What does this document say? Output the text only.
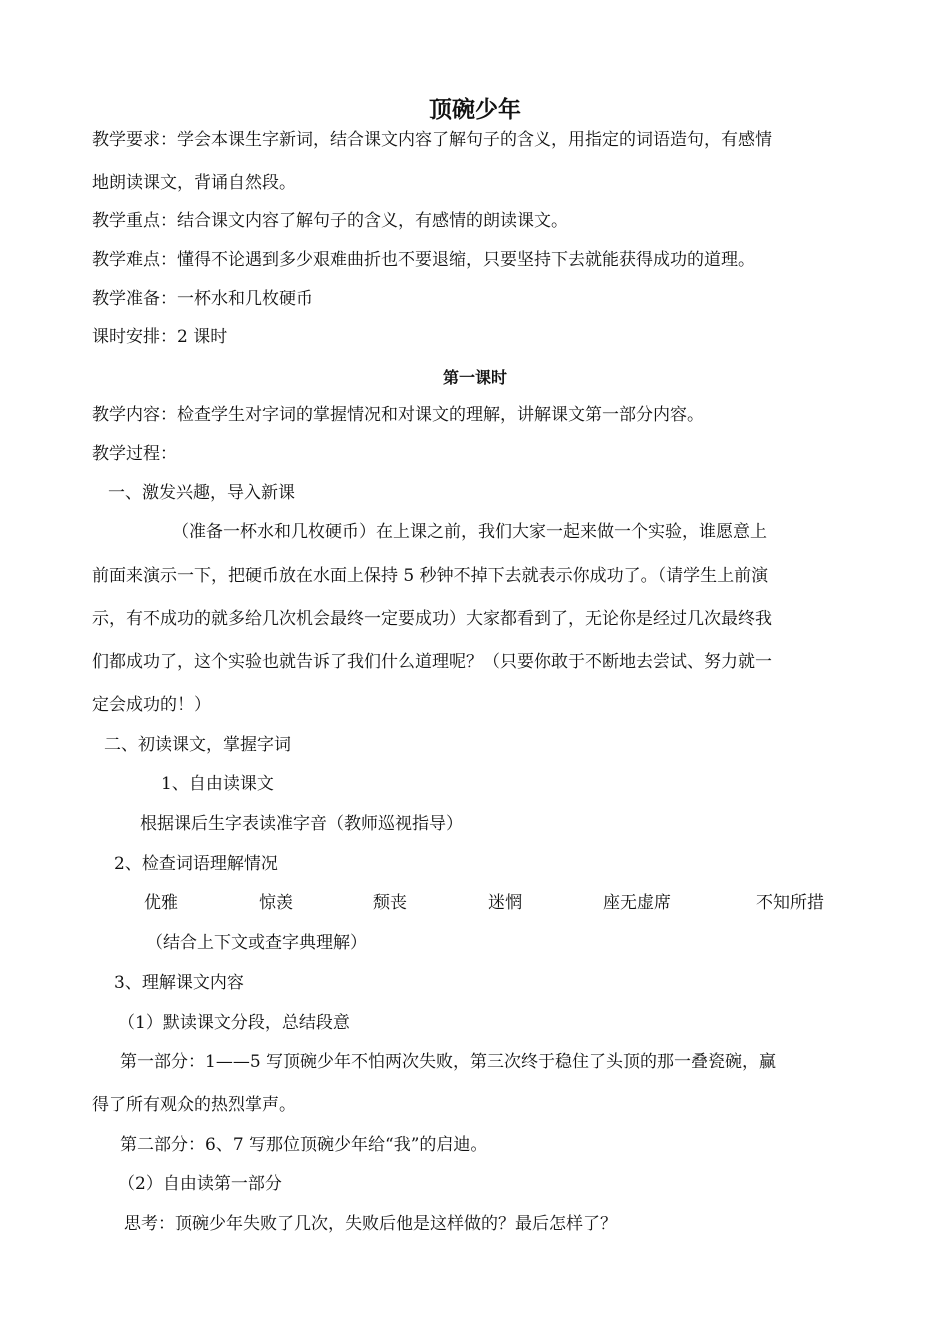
顶碗少年
教学要求：学会本课生字新词，结合课文内容了解句子的含义，用指定的词语造句，有感情
地朗读课文，背诵自然段。
教学重点：结合课文内容了解句子的含义，有感情的朗读课文。
教学难点：懂得不论遇到多少艰难曲折也不要退缩，只要坚持下去就能获得成功的道理。
教学准备：一杯水和几枚硬币
课时安排：2 课时
第一课时
教学内容：检查学生对字词的掌握情况和对课文的理解，讲解课文第一部分内容。
教学过程：
一、激发兴趣，导入新课
（准备一杯水和几枚硬币）在上课之前，我们大家一起来做一个实验，谁愿意上
前面来演示一下，把硬币放在水面上保持 5 秒钟不掉下去就表示你成功了。（请学生上前演
示，有不成功的就多给几次机会最终一定要成功）大家都看到了，无论你是经过几次最终我
们都成功了，这个实验也就告诉了我们什么道理呢？（只要你敢于不断地去尝试、努力就一
定会成功的！）
二、初读课文，掌握字词
1、自由读课文
根据课后生字表读准字音（教师巡视指导）
2、检查词语理解情况
优雅	惊羡	颓丧	迷惘	座无虚席	不知所措
（结合上下文或查字典理解）
3、理解课文内容
（1）默读课文分段，总结段意
第一部分：1——5 写顶碗少年不怕两次失败，第三次终于稳住了头顶的那一叠瓷碗，赢
得了所有观众的热烈掌声。
第二部分：6、7 写那位顶碗少年给“我”的启迪。
（2）自由读第一部分
思考：顶碗少年失败了几次，失败后他是这样做的？最后怎样了？
